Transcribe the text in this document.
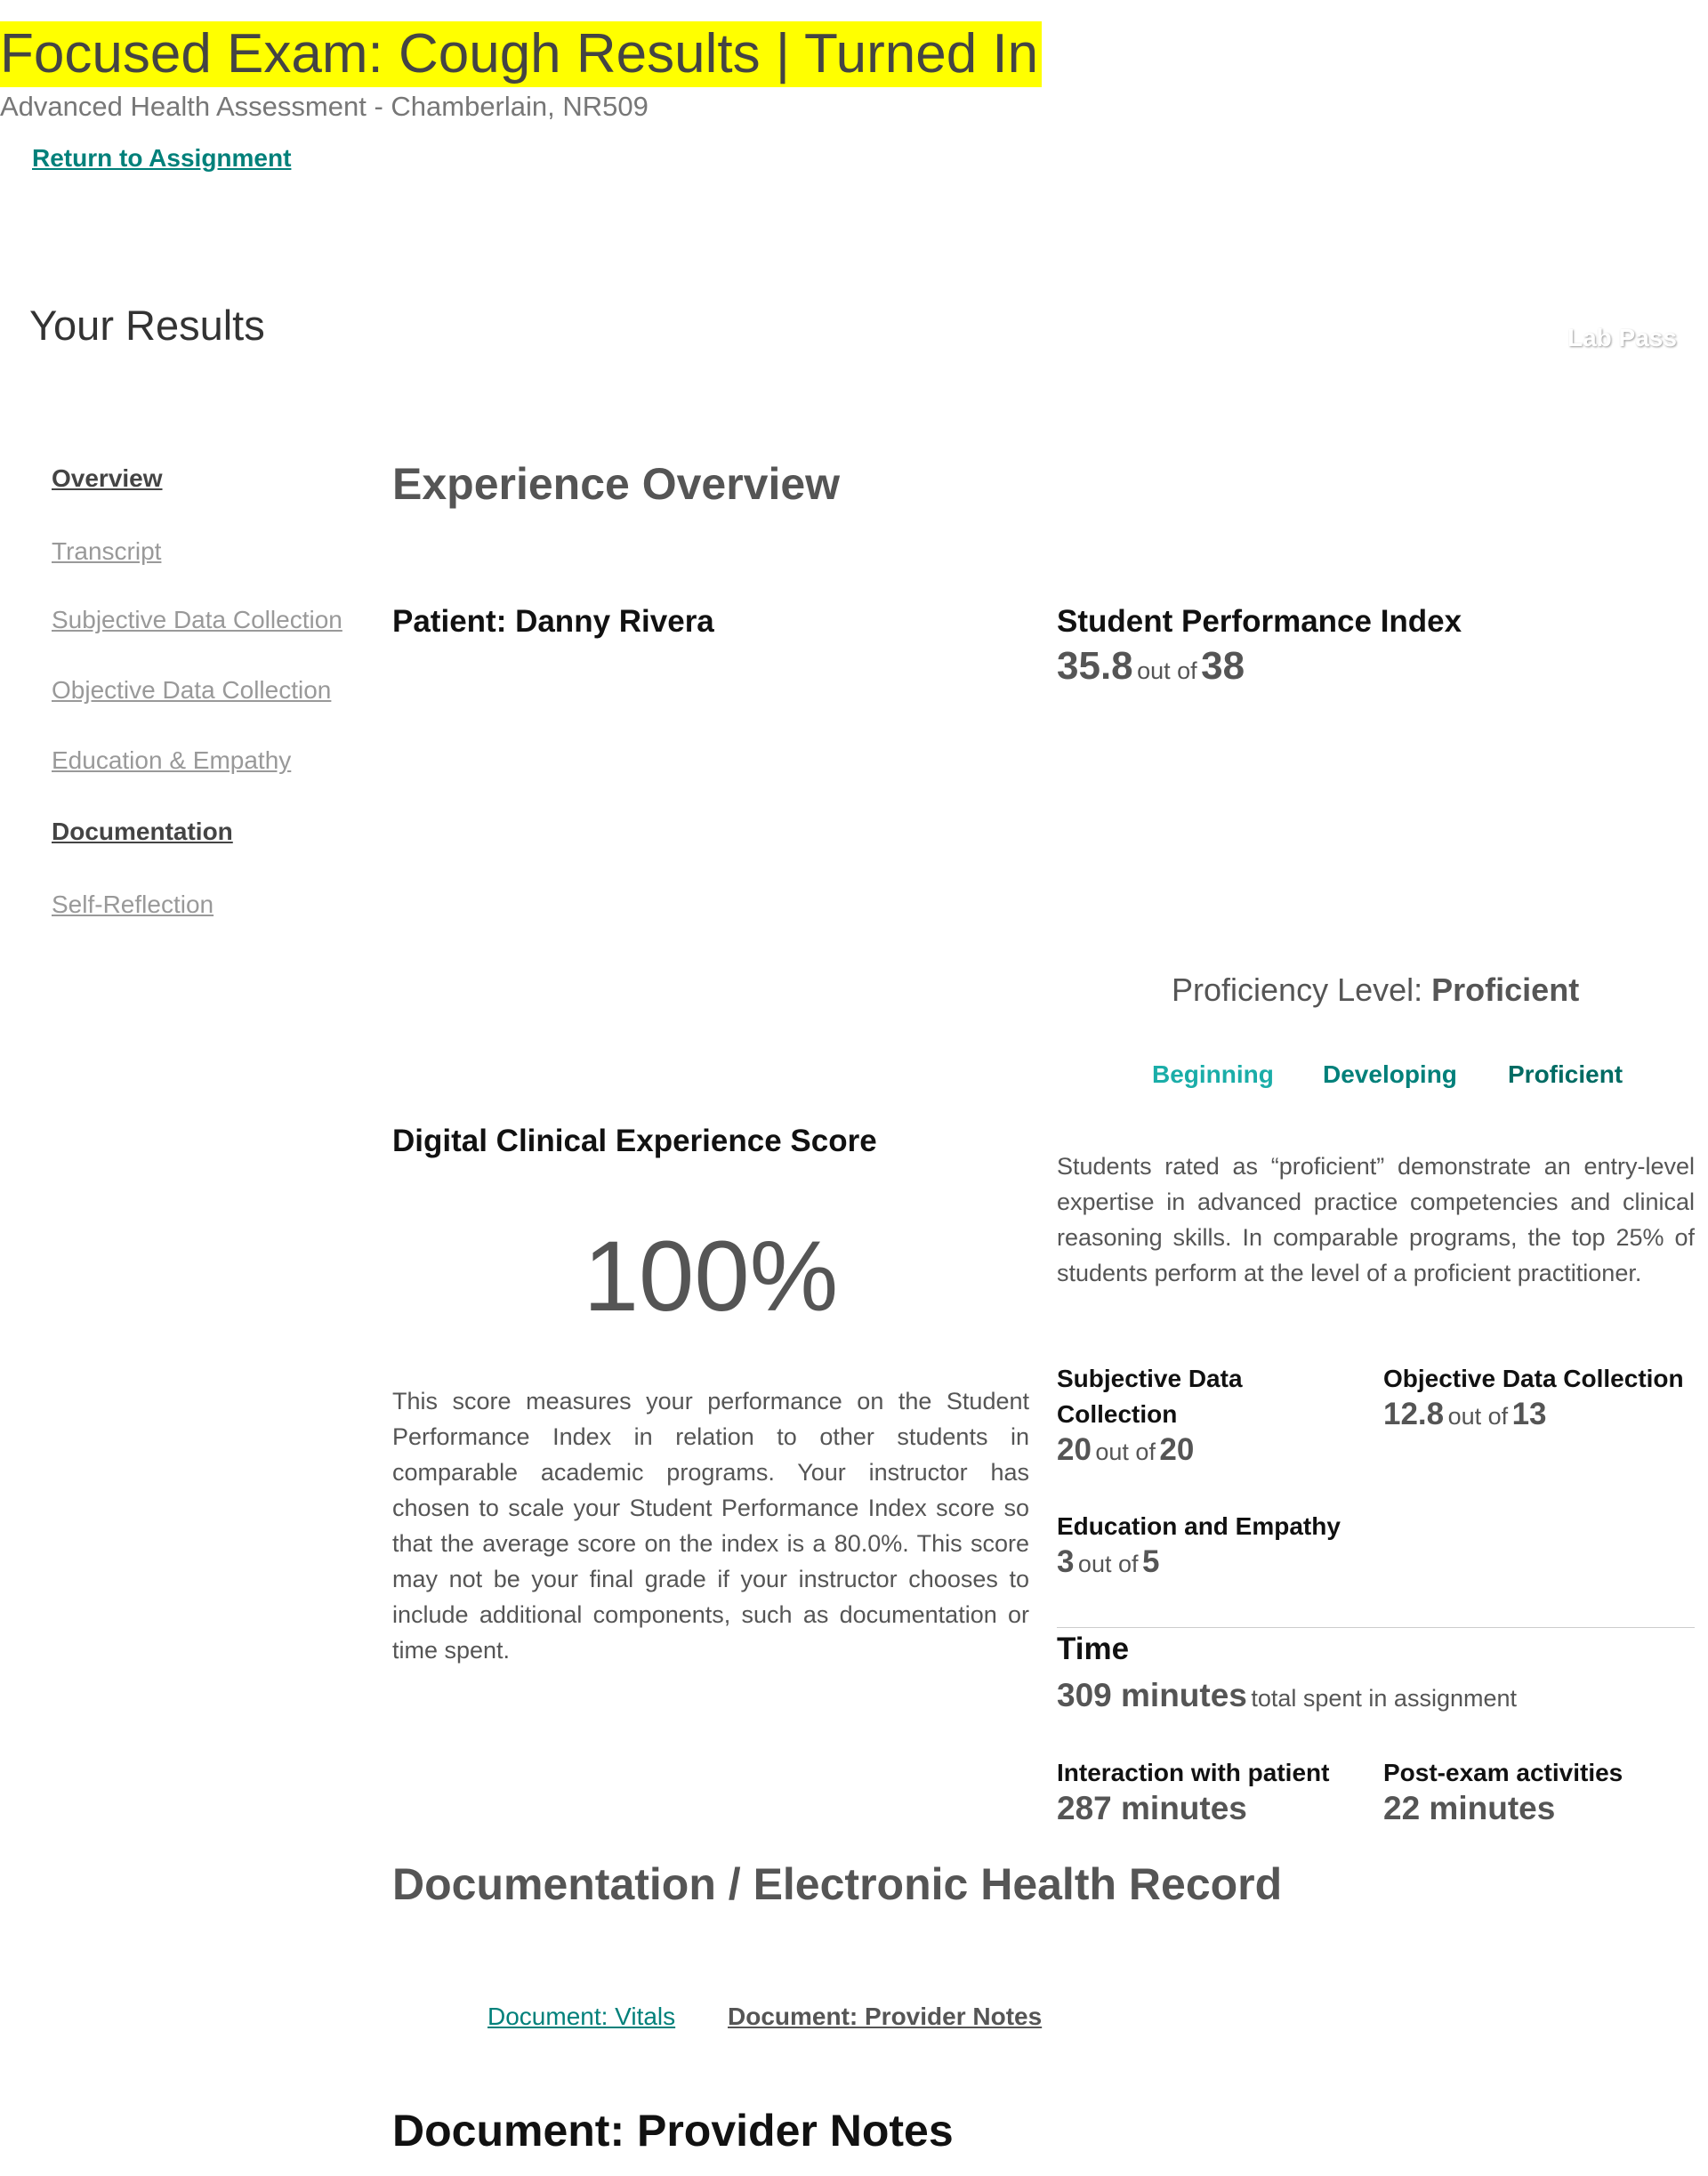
Focused Exam: Cough Results | Turned In
Advanced Health Assessment - Chamberlain, NR509
Return to Assignment
Your Results	Lab Pass
Overview
Transcript
Subjective Data Collection
Objective Data Collection
Education & Empathy
Documentation
Self-Reflection
Experience Overview
Patient: Danny Rivera	Student Performance Index
35.8 out of 38
Proficiency Level: Proficient
Beginning Developing Proficient
Students rated as “proficient” demonstrate an entry-level expertise in advanced practice competencies and clinical reasoning skills. In comparable programs, the top 25% of students perform at the level of a proficient practitioner.
Digital Clinical Experience Score
100%
This score measures your performance on the Student Performance Index in relation to other students in comparable academic programs. Your instructor has chosen to scale your Student Performance Index score so that the average score on the index is a 80.0%. This score may not be your final grade if your instructor chooses to include additional components, such as documentation or time spent.
Subjective Data Collection
20 out of 20
Objective Data Collection
12.8 out of 13
Education and Empathy
3 out of 5
Time
309 minutes total spent in assignment
Interaction with patient
287 minutes
Post-exam activities
22 minutes
Documentation / Electronic Health Record
Document: Vitals Document: Provider Notes
Document: Provider Notes
